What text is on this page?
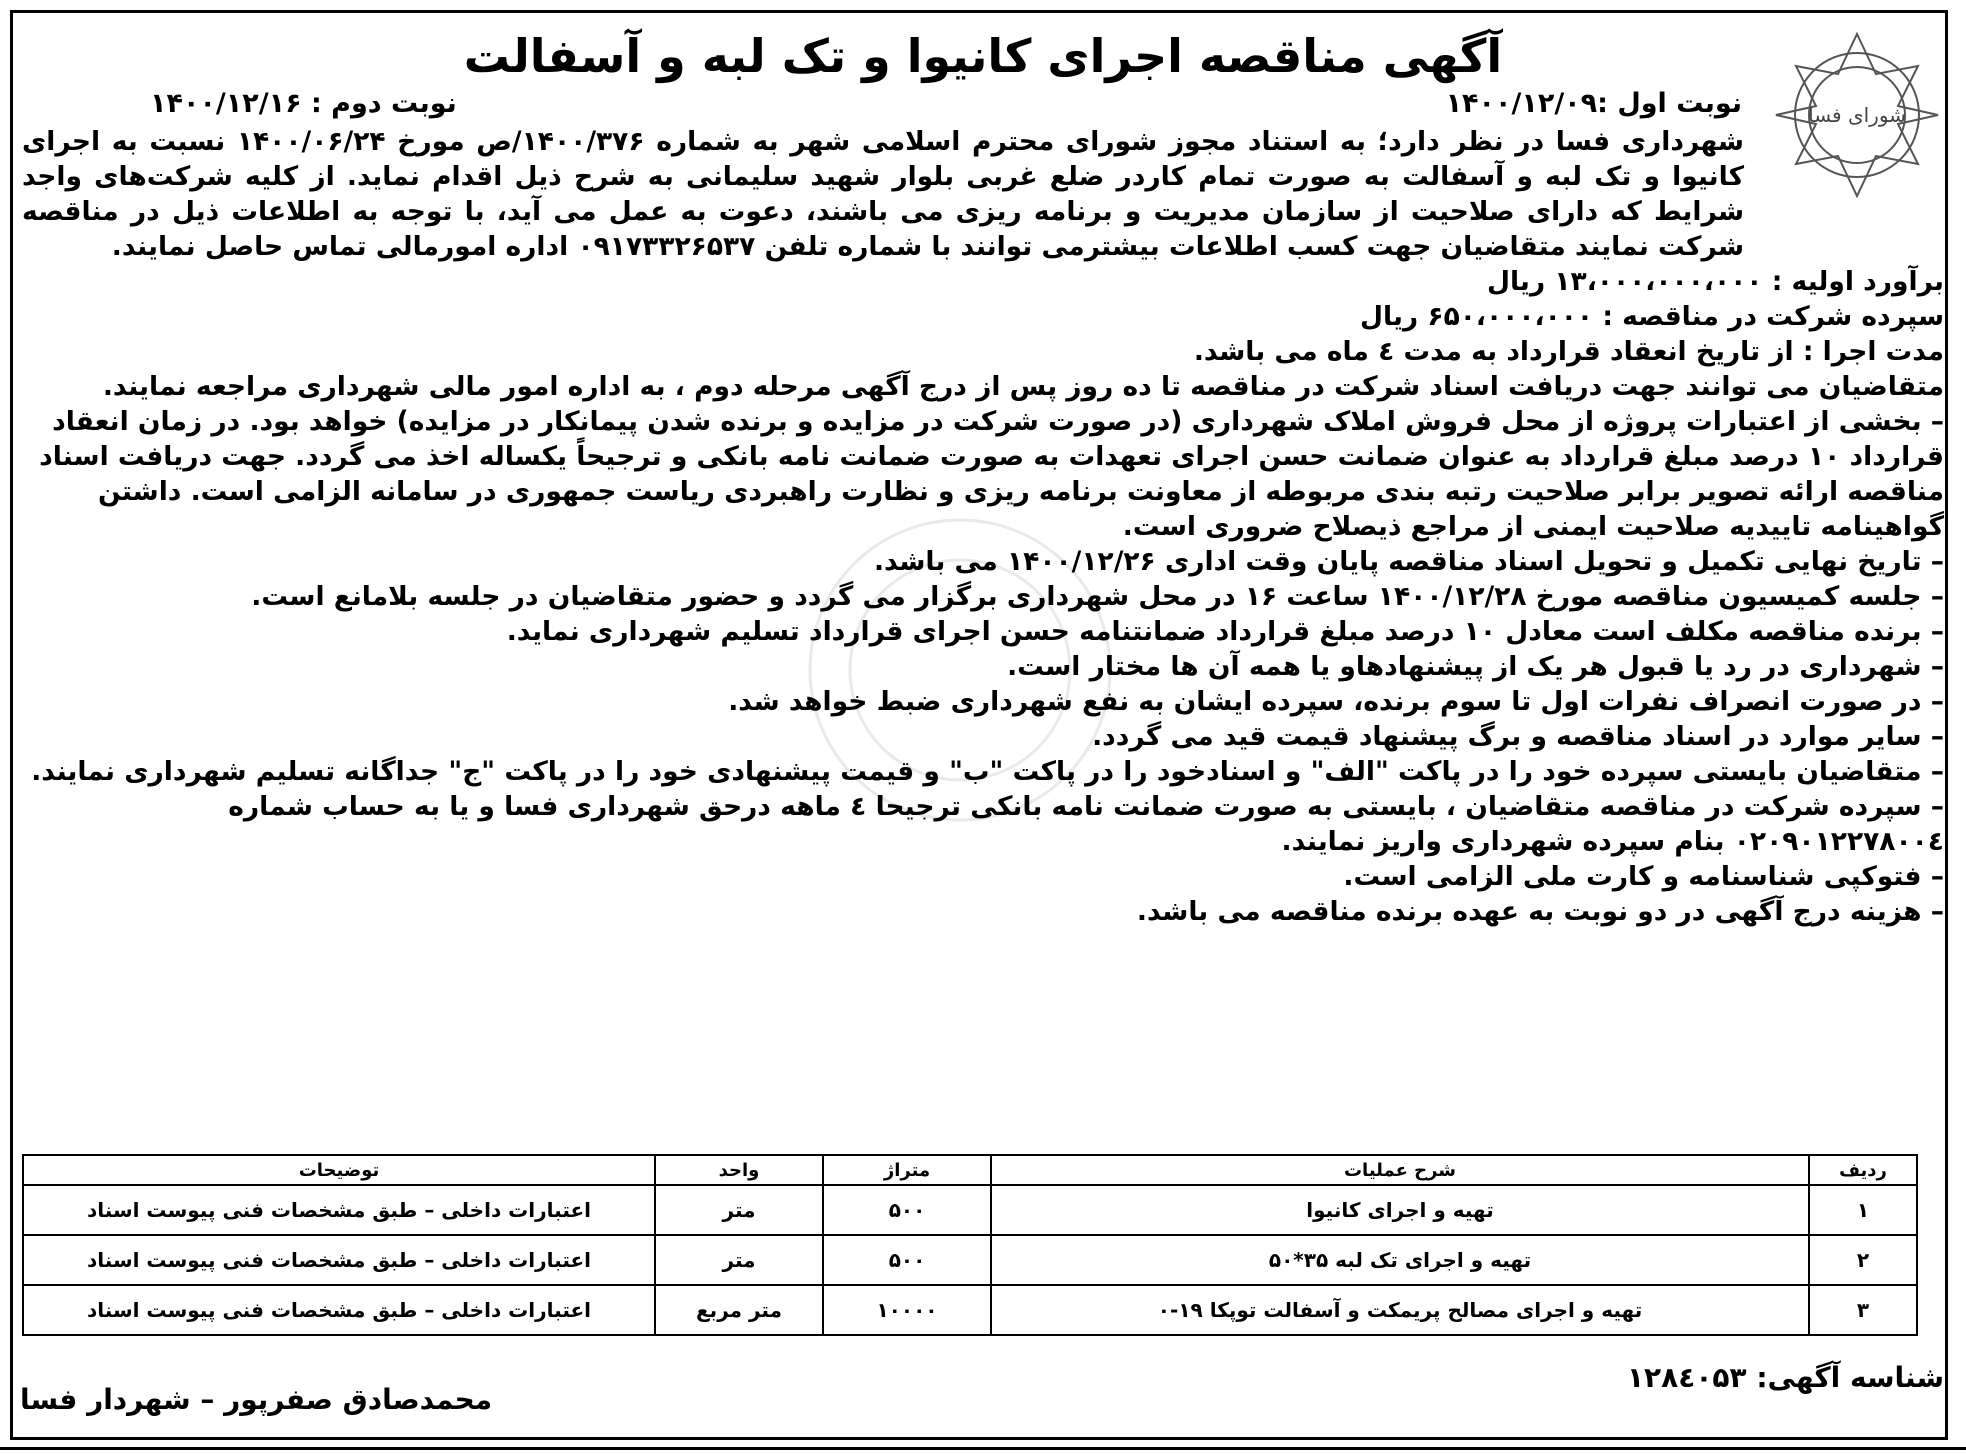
شورای فسا
آگهی مناقصه اجرای کانیوا و تک لبه و آسفالت
نوبت اول :۱۴۰۰/۱۲/۰۹
نوبت دوم : ۱۴۰۰/۱۲/۱۶

شهرداری فسا در نظر دارد؛ به استناد مجوز شورای محترم اسلامی شهر به شماره ۱۴۰۰/۳۷۶/ص مورخ ۱۴۰۰/۰۶/۲۴ نسبت به اجرای کانیوا و تک لبه و آسفالت به صورت تمام کاردر ضلع غربی بلوار شهید سلیمانی به شرح ذیل اقدام نماید. از کلیه شرکت‌های واجد شرایط که دارای صلاحیت از سازمان مدیریت و برنامه ریزی می باشند، دعوت به عمل می آید، با توجه به اطلاعات ذیل در مناقصه شرکت نمایند متقاضیان جهت کسب اطلاعات بیشترمی توانند با شماره تلفن ۰۹۱۷۳۳۲۶۵۳۷ اداره امورمالی تماس حاصل نمایند.

برآورد اولیه : ۱۳،۰۰۰،۰۰۰،۰۰۰ ریال

سپرده شرکت در مناقصه : ۶۵۰،۰۰۰،۰۰۰ ریال

مدت اجرا : از تاریخ انعقاد قرارداد به مدت ٤ ماه می باشد.

متقاضیان می توانند جهت دریافت اسناد شرکت در مناقصه تا ده روز پس از درج آگهی مرحله دوم ، به اداره امور مالی شهرداری مراجعه نمایند.

– بخشی از اعتبارات پروژه از محل فروش املاک شهرداری (در صورت شرکت در مزایده و برنده شدن پیمانکار در مزایده) خواهد بود. در زمان انعقاد قرارداد ۱۰ درصد مبلغ قرارداد به عنوان ضمانت حسن اجرای تعهدات به صورت ضمانت نامه بانکی و ترجیحاً یکساله اخذ می گردد. جهت دریافت اسناد مناقصه ارائه تصویر برابر صلاحیت رتبه بندی مربوطه از معاونت برنامه ریزی و نظارت راهبردی ریاست جمهوری در سامانه الزامی است. داشتن گواهینامه تاییدیه صلاحیت ایمنی از مراجع ذیصلاح ضروری است.

– تاریخ نهایی تکمیل و تحویل اسناد مناقصه پایان وقت اداری ۱۴۰۰/۱۲/۲۶ می باشد.

– جلسه کمیسیون مناقصه مورخ ۱۴۰۰/۱۲/۲۸ ساعت ۱۶ در محل شهرداری برگزار می گردد و حضور متقاضیان در جلسه بلامانع است.

– برنده مناقصه مکلف است معادل ۱۰ درصد مبلغ قرارداد ضمانتنامه حسن اجرای قرارداد تسلیم شهرداری نماید.

– شهرداری در رد یا قبول هر یک از پیشنهادهاو یا همه آن ها مختار است.

– در صورت انصراف نفرات اول تا سوم برنده، سپرده ایشان به نفع شهرداری ضبط خواهد شد.

– سایر موارد در اسناد مناقصه و برگ پیشنهاد قیمت قید می گردد.

– متقاضیان بایستی سپرده خود را در پاکت "الف" و اسنادخود را در پاکت "ب" و قیمت پیشنهادی خود را در پاکت "ج" جداگانه تسلیم شهرداری نمایند.

– سپرده شرکت در مناقصه متقاضیان ، بایستی به صورت ضمانت نامه بانکی ترجیحا ٤ ماهه درحق شهرداری فسا و یا به حساب شماره ۰۲۰۹۰۱۲۲۷۸۰۰٤ بنام سپرده شهرداری واریز نمایند.

– فتوکپی شناسنامه و کارت ملی الزامی است.

– هزینه درج آگهی در دو نوبت به عهده برنده مناقصه می باشد.

ردیف	شرح عملیات	متراژ	واحد	توضیحات
۱	تهیه و اجرای کانیوا	۵۰۰	متر	اعتبارات داخلی – طبق مشخصات فنی پیوست اسناد
۲	تهیه و اجرای تک لبه ۳۵*۵۰	۵۰۰	متر	اعتبارات داخلی – طبق مشخصات فنی پیوست اسناد
۳	تهیه و اجرای مصالح پریمکت و آسفالت توپکا ۱۹-۰	۱۰۰۰۰	متر مربع	اعتبارات داخلی – طبق مشخصات فنی پیوست اسناد
شناسه آگهی: ۱۲۸٤۰۵۳
محمدصادق صفرپور – شهردار فسا
